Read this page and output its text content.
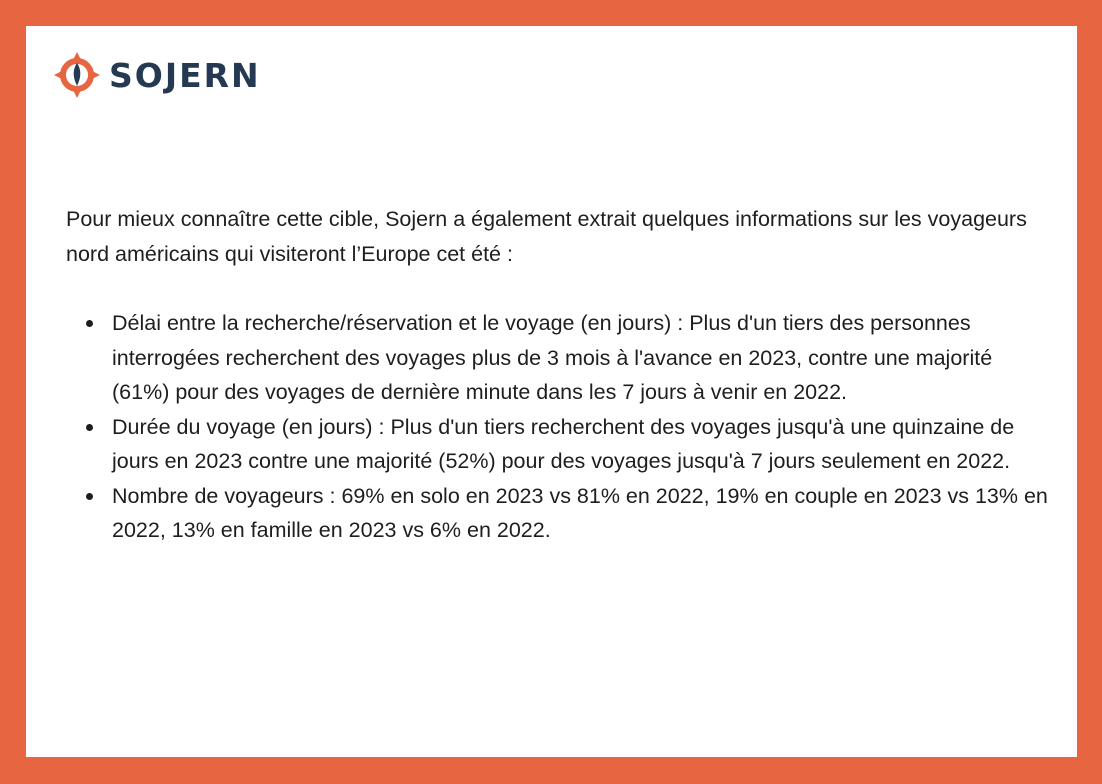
SOJERN

Pour mieux connaître cette cible, Sojern a également extrait quelques informations sur les voyageurs nord américains qui visiteront l’Europe cet été :

Délai entre la recherche/réservation et le voyage (en jours) : Plus d'un tiers des personnes interrogées recherchent des voyages plus de 3 mois à l'avance en 2023, contre une majorité (61%) pour des voyages de dernière minute dans les 7 jours à venir en 2022.
Durée du voyage (en jours) : Plus d'un tiers recherchent des voyages jusqu'à une quinzaine de jours en 2023 contre une majorité (52%) pour des voyages jusqu'à 7 jours seulement en 2022.
Nombre de voyageurs : 69% en solo en 2023 vs 81% en 2022, 19% en couple en 2023 vs 13% en 2022, 13% en famille en 2023 vs 6% en 2022.
